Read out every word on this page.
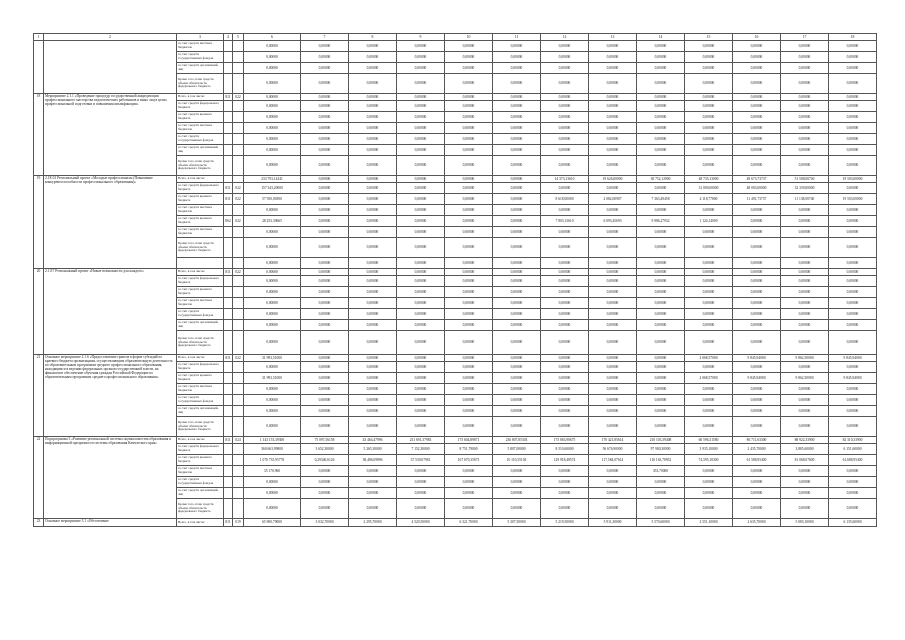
1	2	3	4	5	6	7	8	9	10	11	12	13	14	15	16	17	18
		за счет средств местных бюджетов			0,00000	0,00000	0,00000	0,00000	0,00000	0,00000	0,00000	0,00000	0,00000	0,00000	0,00000	0,00000	0,00000
		за счет средств государственных фондов			0,00000	0,00000	0,00000	0,00000	0,00000	0,00000	0,00000	0,00000	0,00000	0,00000	0,00000	0,00000	0,00000
		за счет средств организаций, лиц			0,00000	0,00000	0,00000	0,00000	0,00000	0,00000	0,00000	0,00000	0,00000	0,00000	0,00000	0,00000	0,00000
		Кроме того, план средств объема обязательств федерального бюджета			0,00000	0,00000	0,00000	0,00000	0,00000	0,00000	0,00000	0,00000	0,00000	0,00000	0,00000	0,00000	0,00000
18	Мероприятие 2.1.1 «Проведение процедур государственной аккредитации профессионального мастерства педагогических работников и иных лиц в целях профессиональной подготовки и повышения квалификации»	Всего, в том числе:	811	022	0,00000	0,00000	0,00000	0,00000	0,00000	0,00000	0,00000	0,00000	0,00000	0,00000	0,00000	0,00000	0,00000
		за счет средств федерального бюджета			0,00000	0,00000	0,00000	0,00000	0,00000	0,00000	0,00000	0,00000	0,00000	0,00000	0,00000	0,00000	0,00000
		за счет средств краевого бюджета			0,00000	0,00000	0,00000	0,00000	0,00000	0,00000	0,00000	0,00000	0,00000	0,00000	0,00000	0,00000	0,00000
		за счет средств местных бюджетов			0,00000	0,00000	0,00000	0,00000	0,00000	0,00000	0,00000	0,00000	0,00000	0,00000	0,00000	0,00000	0,00000
		за счет средств государственных фондов			0,00000	0,00000	0,00000	0,00000	0,00000	0,00000	0,00000	0,00000	0,00000	0,00000	0,00000	0,00000	0,00000
		за счет средств организаций, лиц			0,00000	0,00000	0,00000	0,00000	0,00000	0,00000	0,00000	0,00000	0,00000	0,00000	0,00000	0,00000	0,00000
		Кроме того, план средств объема обязательств федерального бюджета			0,00000	0,00000	0,00000	0,00000	0,00000	0,00000	0,00000	0,00000	0,00000	0,00000	0,00000	0,00000	0,00000
19	2.1Е.01 Региональный проект «Молодые профессионалы (Повышение конкурентоспособности профессионального образования)»	Всего, в том числе:			233 793,14341	0,00000	0,00000	0,00000	0,00000	0,00000	14 373,13610	19 626,00000	30 752,12900	48 735,13000	49 673,73737	51 508,00740	19 503,00000
		за счет средств федерального бюджета	811	022	157 343,20000	0,00000	0,00000	0,00000	0,00000	0,00000	0,00000	0,00000	0,00000	31 000,00000	48 003,00000	32 339,00000	0,00000
		за счет средств краевого бюджета	811	022	57 950,00390	0,00000	0,00000	0,00000	0,00000	0,00000	8 618,00000	2 082,00907	7 363,49458	4 118,77800	11 491,73737	11 138,00740	19 503,00000
		за счет средств местных бюджетов			0,00000	0,00000	0,00000	0,00000	0,00000	0,00000	0,00000	0,00000	0,00000	0,00000	0,00000	0,00000	0,00000
		за счет средств краевого бюджета	862	022	28 253,39665	0,00000	0,00000	0,00000	0,00000	0,00000	7 803,13610	6 093,45693	9 986,27932	1 124,14000	0,00000	0,00000	0,00000
		за счет средств местных бюджетов			0,00000	0,00000	0,00000	0,00000	0,00000	0,00000	0,00000	0,00000	0,00000	0,00000	0,00000	0,00000	0,00000
		Кроме того, план средств объема обязательств федерального бюджета			0,00000	0,00000	0,00000	0,00000	0,00000	0,00000	0,00000	0,00000	0,00000	0,00000	0,00000	0,00000	0,00000
					0,00000	0,00000	0,00000	0,00000	0,00000	0,00000	0,00000	0,00000	0,00000	0,00000	0,00000	0,00000	0,00000
20	2.1.Е7 Региональный проект «Новые возможности для каждого»	Всего, в том числе:	811	022	0,00000	0,00000	0,00000	0,00000	0,00000	0,00000	0,00000	0,00000	0,00000	0,00000	0,00000	0,00000	0,00000
		за счет средств федерального бюджета			0,00000	0,00000	0,00000	0,00000	0,00000	0,00000	0,00000	0,00000	0,00000	0,00000	0,00000	0,00000	0,00000
		за счет средств краевого бюджета			0,00000	0,00000	0,00000	0,00000	0,00000	0,00000	0,00000	0,00000	0,00000	0,00000	0,00000	0,00000	0,00000
		за счет средств местных бюджетов			0,00000	0,00000	0,00000	0,00000	0,00000	0,00000	0,00000	0,00000	0,00000	0,00000	0,00000	0,00000	0,00000
		за счет средств государственных фондов			0,00000	0,00000	0,00000	0,00000	0,00000	0,00000	0,00000	0,00000	0,00000	0,00000	0,00000	0,00000	0,00000
		за счет средств организаций, лиц			0,00000	0,00000	0,00000	0,00000	0,00000	0,00000	0,00000	0,00000	0,00000	0,00000	0,00000	0,00000	0,00000
		Кроме того, план средств объема обязательств федерального бюджета			0,00000	0,00000	0,00000	0,00000	0,00000	0,00000	0,00000	0,00000	0,00000	0,00000	0,00000	0,00000	0,00000
21	Основное мероприятие 2.1.6 «Предоставление грантов в форме субсидий из краевого бюджета организациям, осуществляющим образовательную деятельность по образовательным программам среднего профессионального образования, находящимся в ведении федеральных органов государственной власти, на финансовое обеспечение обучения граждан Российской Федерации по образовательным программам среднего профессионального образования»	Всего, в том числе:	811	022	31 993,51000	0,00000	0,00000	0,00000	0,00000	0,00000	0,00000	0,00000	0,00000	2 068,57000	9 845,94000	9 862,50000	9 845,94000
		за счет средств федерального бюджета			0,00000	0,00000	0,00000	0,00000	0,00000	0,00000	0,00000	0,00000	0,00000	0,00000	0,00000	0,00000	0,00000
		за счет средств краевого бюджета			31 993,51000	0,00000	0,00000	0,00000	0,00000	0,00000	0,00000	0,00000	0,00000	2 068,57000	9 845,94000	9 862,50000	9 845,94000
		за счет средств местных бюджетов			0,00000	0,00000	0,00000	0,00000	0,00000	0,00000	0,00000	0,00000	0,00000	0,00000	0,00000	0,00000	0,00000
		за счет средств государственных фондов			0,00000	0,00000	0,00000	0,00000	0,00000	0,00000	0,00000	0,00000	0,00000	0,00000	0,00000	0,00000	0,00000
		за счет средств организаций, лиц			0,00000	0,00000	0,00000	0,00000	0,00000	0,00000	0,00000	0,00000	0,00000	0,00000	0,00000	0,00000	0,00000
		Кроме того, план средств объема обязательств федерального бюджета			0,00000	0,00000	0,00000	0,00000	0,00000	0,00000	0,00000	0,00000	0,00000	0,00000	0,00000	0,00000	0,00000
22	Подпрограмма 3 «Развитие региональной системы оценки качества образования и информационной прозрачности системы образования Камчатского края»	Всего, в том числе:	811	024	1 143 153,39300	75 097,56158	43 464,47996	231 691,37983	175 604,89871	236 807,85303	175 063,90675	170 421,85614	210 103,39408	60 596,31580	86 711,63300	88 922,33900	82 310,33900
		за счет средств федерального бюджета			360 663,99800	3 652,30000	5 265,30000	7 152,30000	8 751,79000	5 807,00000	8 510,60000	56 676,90000	97 900,30000	3 935,10000	2 435,70000	3,885,60000	6 151,60000
		за счет средств краевого бюджета			1 070 735,95778	0,29340,6126	38,486,09896	37 539,07981	167 670,35873	10 110,55103	129 918,48574	117,584,07614	116 163,78952	74,595,10300	61 588,95400	81 068,07600	61,688,95400
		за счет средств местных бюджетов			35 170,960	0,00000	0,00000	0,00000	0,00000	0,00000	0,00000	0,00000	353,70000	0,00000	0,00000	0,00000	0,00000
		за счет средств государственных фондов			0,00000	0,00000	0,00000	0,00000	0,00000	0,00000	0,00000	0,00000	0,00000	0,00000	0,00000	0,00000	0,00000
		за счет средств организаций, лиц			0,00000	0,00000	0,00000	0,00000	0,00000	0,00000	0,00000	0,00000	0,00000	0,00000	0,00000	0,00000	0,00000
		Кроме того, план средств объема обязательств федерального бюджета			0,00000	0,00000	0,00000	0,00000	0,00000	0,00000	0,00000	0,00000	0,00000	0,00000	0,00000	0,00000	0,00000
23	Основное мероприятие 3.1 «Обеспечение	Всего, в том числе:	811	019	65 900,79000	3 032,70000	2 295,70000	4 520,50000	6 321,70000	5 307,50000	5 219,50000	5 911,30000	5 570,60000	2 551,10000	2 635,70000	5 083,10000	6 135,60000
